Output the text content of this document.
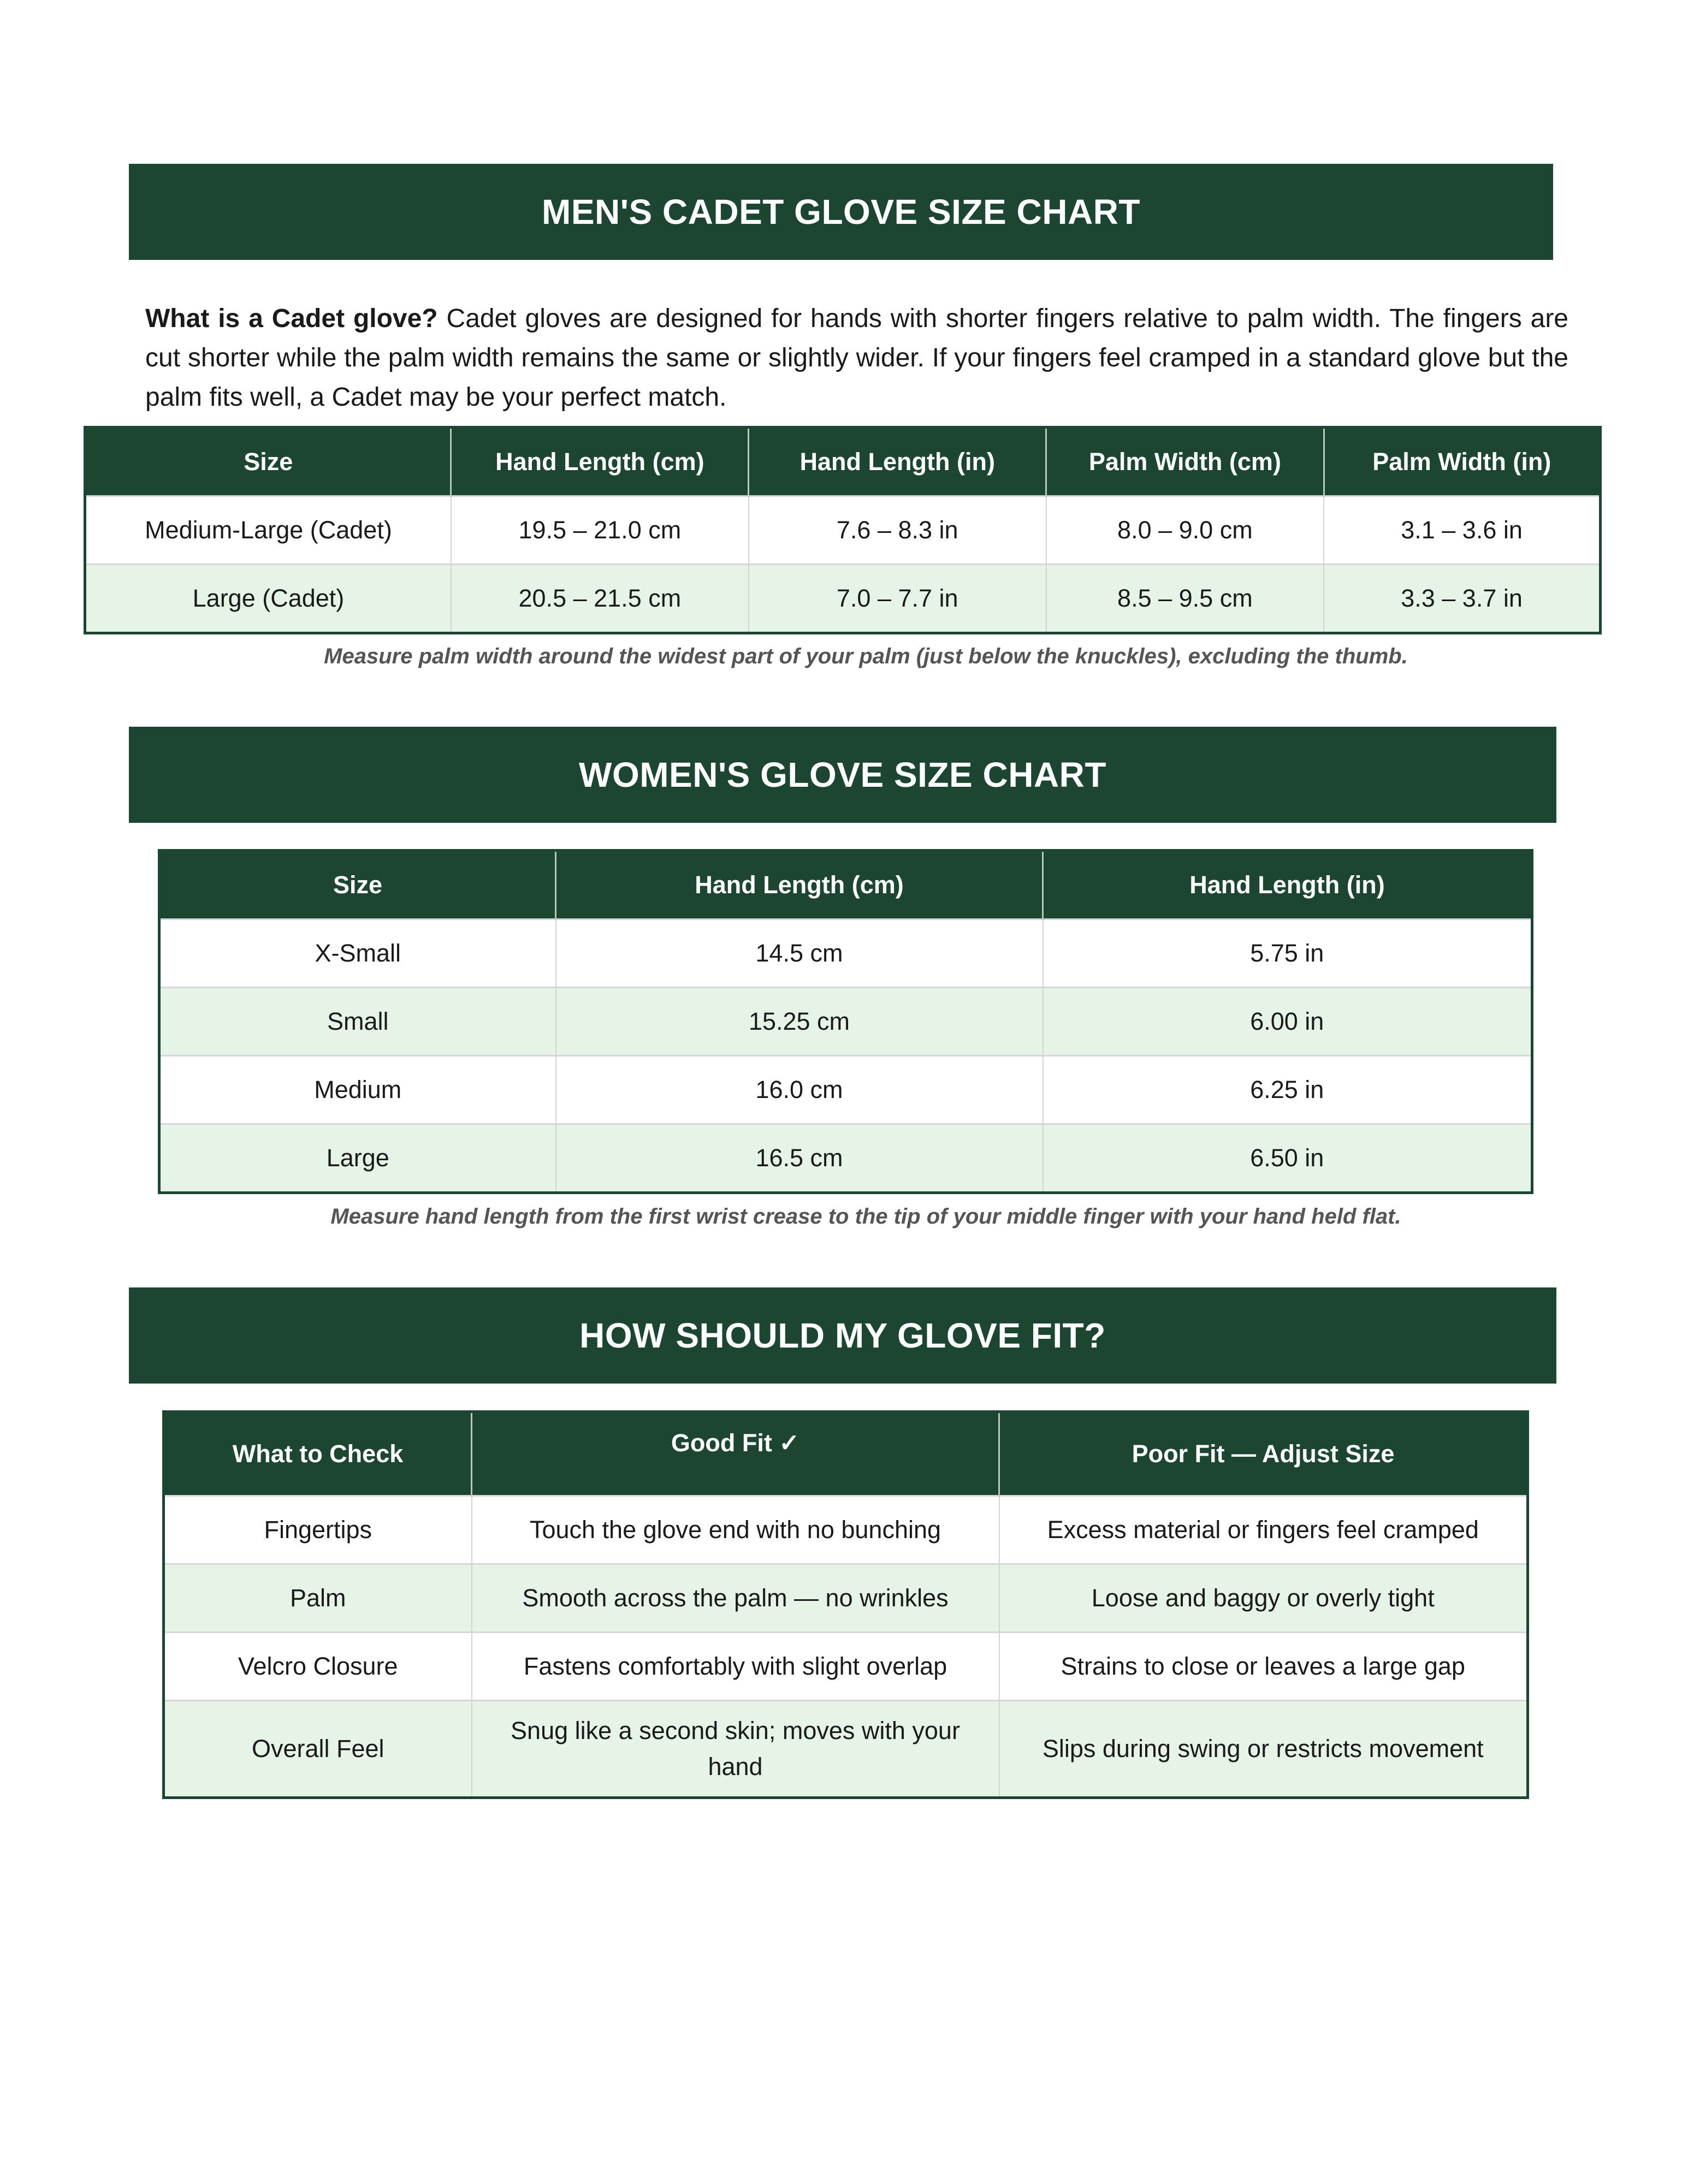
MEN'S CADET GLOVE SIZE CHART

What is a Cadet glove? Cadet gloves are designed for hands with shorter fingers relative to palm width. The fingers are cut shorter while the palm width remains the same or slightly wider. If your fingers feel cramped in a standard glove but the palm fits well, a Cadet may be your perfect match.

Size	Hand Length (cm)	Hand Length (in)	Palm Width (cm)	Palm Width (in)
Medium-Large (Cadet)	19.5 – 21.0 cm	7.6 – 8.3 in	8.0 – 9.0 cm	3.1 – 3.6 in
Large (Cadet)	20.5 – 21.5 cm	7.0 – 7.7 in	8.5 – 9.5 cm	3.3 – 3.7 in
Measure palm width around the widest part of your palm (just below the knuckles), excluding the thumb.
WOMEN'S GLOVE SIZE CHART
Size	Hand Length (cm)	Hand Length (in)
X-Small	14.5 cm	5.75 in
Small	15.25 cm	6.00 in
Medium	16.0 cm	6.25 in
Large	16.5 cm	6.50 in
Measure hand length from the first wrist crease to the tip of your middle finger with your hand held flat.
HOW SHOULD MY GLOVE FIT?
What to Check	Good Fit ✓	Poor Fit — Adjust Size
Fingertips	Touch the glove end with no bunching	Excess material or fingers feel cramped
Palm	Smooth across the palm — no wrinkles	Loose and baggy or overly tight
Velcro Closure	Fastens comfortably with slight overlap	Strains to close or leaves a large gap
Overall Feel	Snug like a second skin; moves with your hand	Slips during swing or restricts movement
